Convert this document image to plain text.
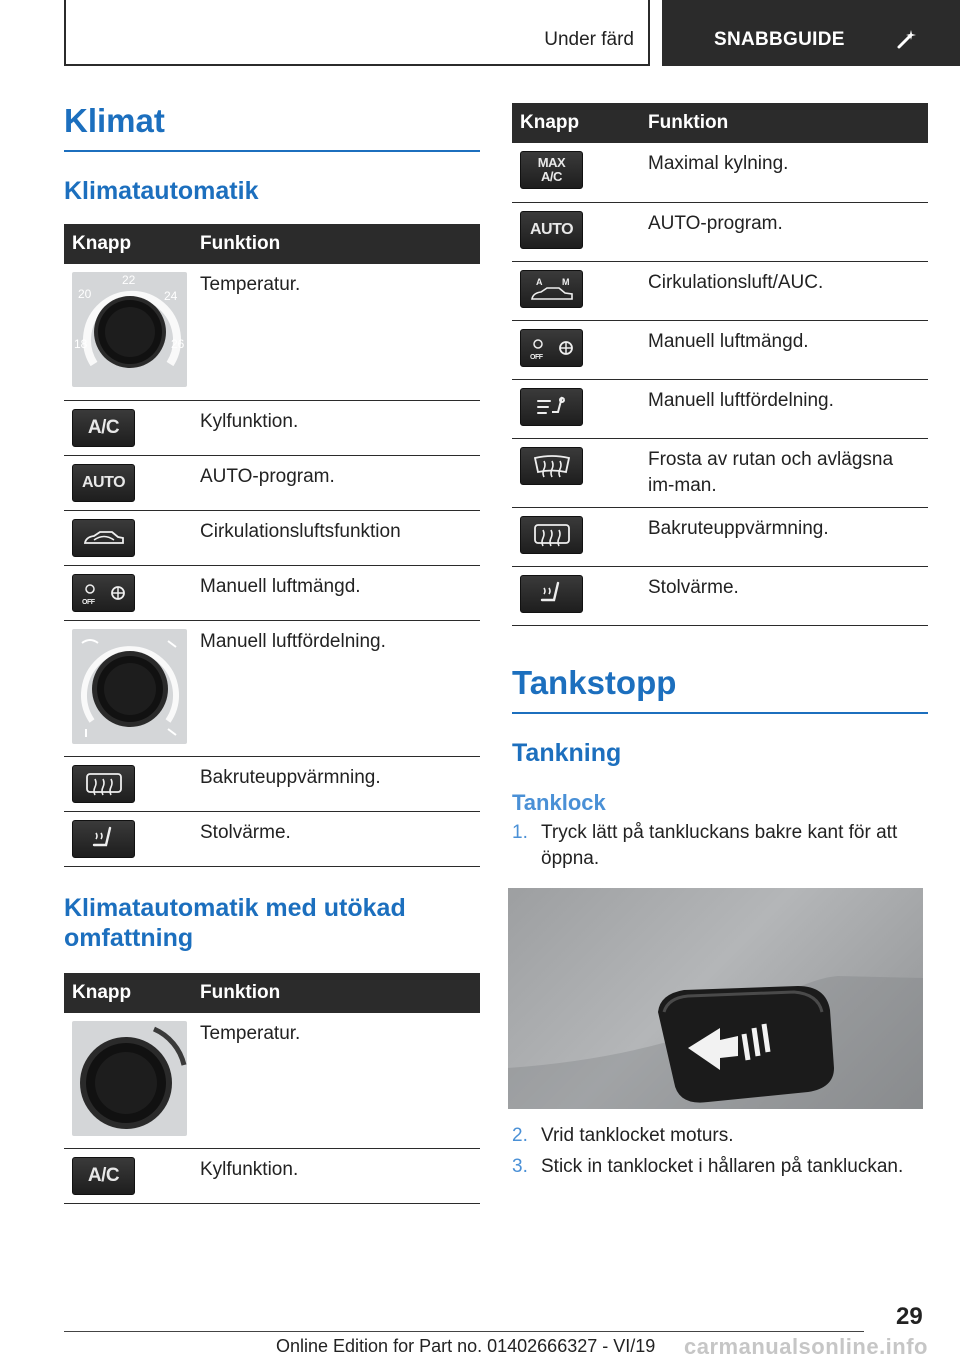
Under färd	SNABBGUIDE
Klimat
Klimatautomatik
Knapp	Funktion

22
20 24
18 26	Temperatur.

A/C	Kylfunktion.

AUTO	AUTO-program.

	Cirkulationsluftsfunktion

OFF	Manuell luftmängd.

	Manuell luftfördelning.

	Bakruteuppvärmning.

	Stolvärme.
Klimatautomatik med utökad omfattning
Knapp	Funktion

	Temperatur.

A/C	Kylfunktion.
Knapp	Funktion

MAX
A/C	Maximal kylning.

AUTO	AUTO-program.

A M	Cirkulationsluft/AUC.

OFF	Manuell luftmängd.

	Manuell luftfördelning.

	Frosta av rutan och avlägsna im-man.

	Bakruteuppvärmning.

	Stolvärme.
Tankstopp
Tankning
Tanklock
1. Tryck lätt på tankluckans bakre kant för att öppna.
2. Vrid tanklocket moturs.
3. Stick in tanklocket i hållaren på tankluckan.
29
Online Edition for Part no. 01402666327 - VI/19 carmanualsonline.info
